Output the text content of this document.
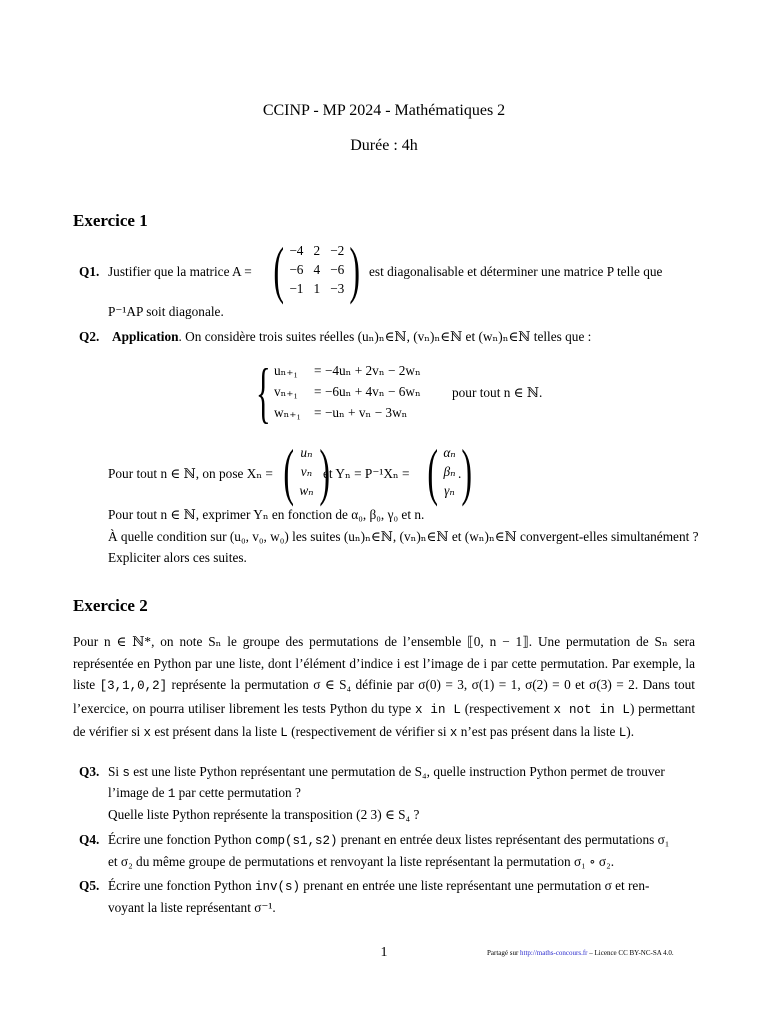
CCINP - MP 2024 - Mathématiques 2
Durée : 4h
Exercice 1
Q1. Justifier que la matrice A = ( −4 2 −2
−6 4 −6
−1 1 −3 ) est diagonalisable et déterminer une matrice P telle que
P⁻¹AP soit diagonale.
Q2. Application. On considère trois suites réelles (uₙ)ₙ∈ℕ, (vₙ)ₙ∈ℕ et (wₙ)ₙ∈ℕ telles que :
{ uₙ₊₁
vₙ₊₁
wₙ₊₁
= −4uₙ + 2vₙ − 2wₙ
= −6uₙ + 4vₙ − 6wₙ
= −uₙ + vₙ − 3wₙ
pour tout n ∈ ℕ.
Pour tout n ∈ ℕ, on pose Xₙ = ( uₙ
vₙ
wₙ )
et Yₙ = P⁻¹Xₙ = ( αₙ
βₙ
γₙ )
.
Pour tout n ∈ ℕ, exprimer Yₙ en fonction de α₀, β₀, γ₀ et n.
À quelle condition sur (u₀, v₀, w₀) les suites (uₙ)ₙ∈ℕ, (vₙ)ₙ∈ℕ et (wₙ)ₙ∈ℕ convergent-elles simultanément ?
Expliciter alors ces suites.
Exercice 2
Pour n ∈ ℕ*, on note Sₙ le groupe des permutations de l’ensemble ⟦0, n − 1⟧. Une permutation de Sₙ sera représentée en Python par une liste, dont l’élément d’indice i est l’image de i par cette permutation. Par exemple, la liste [3,1,0,2] représente la permutation σ ∈ S₄ définie par σ(0) = 3, σ(1) = 1, σ(2) = 0 et σ(3) = 2. Dans tout l’exercice, on pourra utiliser librement les tests Python du type x in L (respectivement x not in L) permettant de vérifier si x est présent dans la liste L (respectivement de vérifier si x n’est pas présent dans la liste L).
Q3. Si s est une liste Python représentant une permutation de S₄, quelle instruction Python permet de trouver
l’image de 1 par cette permutation ?
Quelle liste Python représente la transposition (2 3) ∈ S₄ ?
Q4. Écrire une fonction Python comp(s1,s2) prenant en entrée deux listes représentant des permutations σ₁
et σ₂ du même groupe de permutations et renvoyant la liste représentant la permutation σ₁ ∘ σ₂.
Q5. Écrire une fonction Python inv(s) prenant en entrée une liste représentant une permutation σ et ren-
voyant la liste représentant σ⁻¹.
1	Partagé sur http://maths-concours.fr – Licence CC BY-NC-SA 4.0.
